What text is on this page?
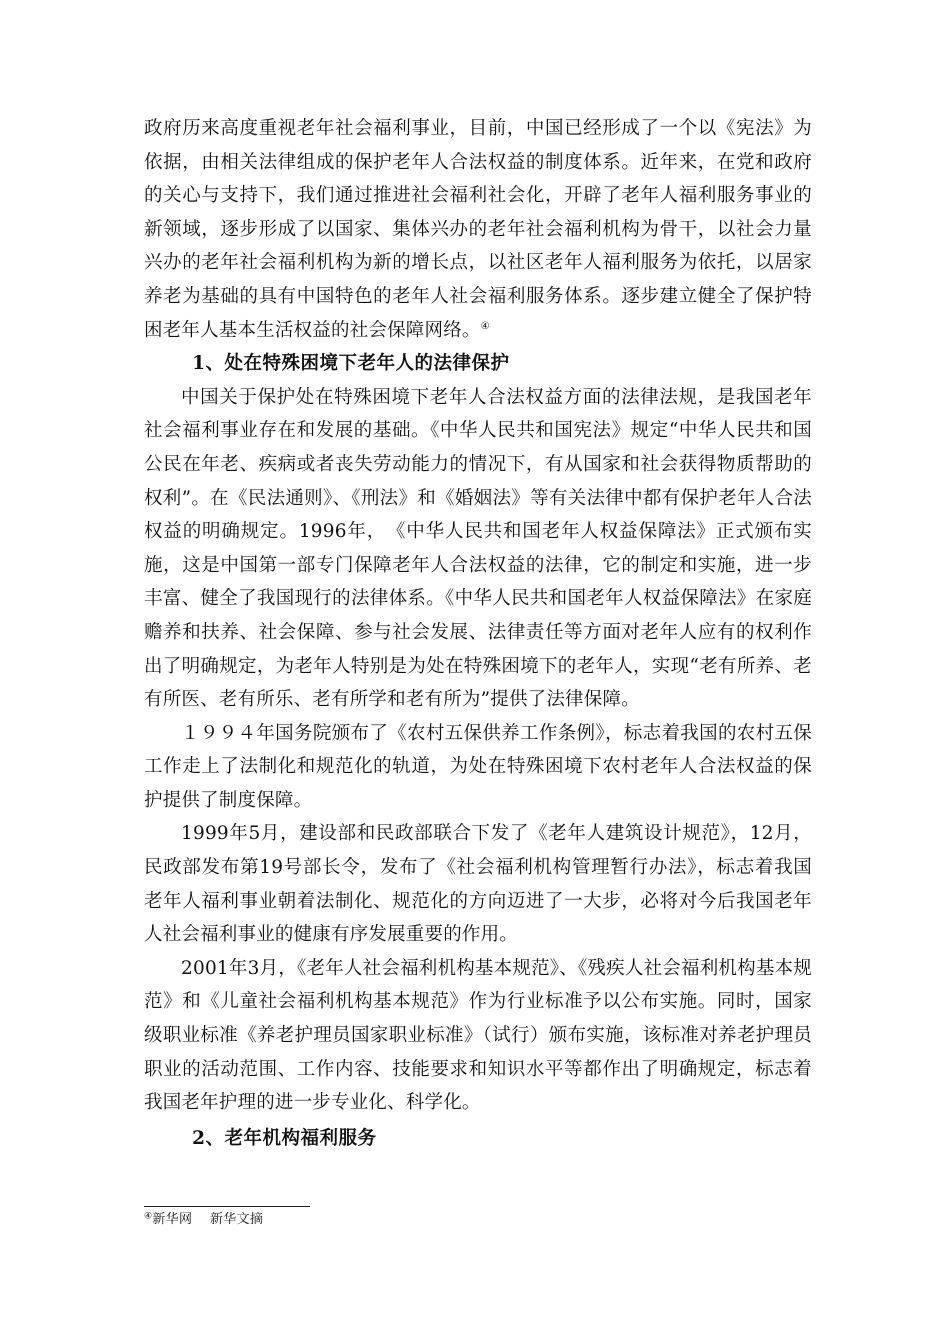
政府历来高度重视老年社会福利事业，目前，中国已经形成了一个以《宪法》为依据，由相关法律组成的保护老年人合法权益的制度体系。近年来，在党和政府的关心与支持下，我们通过推进社会福利社会化，开辟了老年人福利服务事业的新领域，逐步形成了以国家、集体兴办的老年社会福利机构为骨干，以社会力量兴办的老年社会福利机构为新的增长点，以社区老年人福利服务为依托，以居家养老为基础的具有中国特色的老年人社会福利服务体系。逐步建立健全了保护特困老年人基本生活权益的社会保障网络。④

1、处在特殊困境下老年人的法律保护

中国关于保护处在特殊困境下老年人合法权益方面的法律法规，是我国老年社会福利事业存在和发展的基础。《中华人民共和国宪法》规定“中华人民共和国公民在年老、疾病或者丧失劳动能力的情况下，有从国家和社会获得物质帮助的权利”。在《民法通则》、《刑法》和《婚姻法》等有关法律中都有保护老年人合法权益的明确规定。1996年，　《中华人民共和国老年人权益保障法》正式颁布实施，这是中国第一部专门保障老年人合法权益的法律，它的制定和实施，进一步丰富、健全了我国现行的法律体系。《中华人民共和国老年人权益保障法》在家庭赡养和扶养、社会保障、参与社会发展、法律责任等方面对老年人应有的权利作出了明确规定，为老年人特别是为处在特殊困境下的老年人，实现“老有所养、老有所医、老有所乐、老有所学和老有所为”提供了法律保障。

１９９４年国务院颁布了《农村五保供养工作条例》，标志着我国的农村五保工作走上了法制化和规范化的轨道，为处在特殊困境下农村老年人合法权益的保护提供了制度保障。

1999年5月，建设部和民政部联合下发了《老年人建筑设计规范》，12月，民政部发布第19号部长令，发布了《社会福利机构管理暂行办法》，标志着我国老年人福利事业朝着法制化、规范化的方向迈进了一大步，必将对今后我国老年人社会福利事业的健康有序发展重要的作用。

2001年3月，《老年人社会福利机构基本规范》、《残疾人社会福利机构基本规范》和《儿童社会福利机构基本规范》作为行业标准予以公布实施。同时，国家级职业标准《养老护理员国家职业标准》（试行）颁布实施，该标准对养老护理员职业的活动范围、工作内容、技能要求和知识水平等都作出了明确规定，标志着我国老年护理的进一步专业化、科学化。

2、老年机构福利服务
④新华网　 新华文摘
